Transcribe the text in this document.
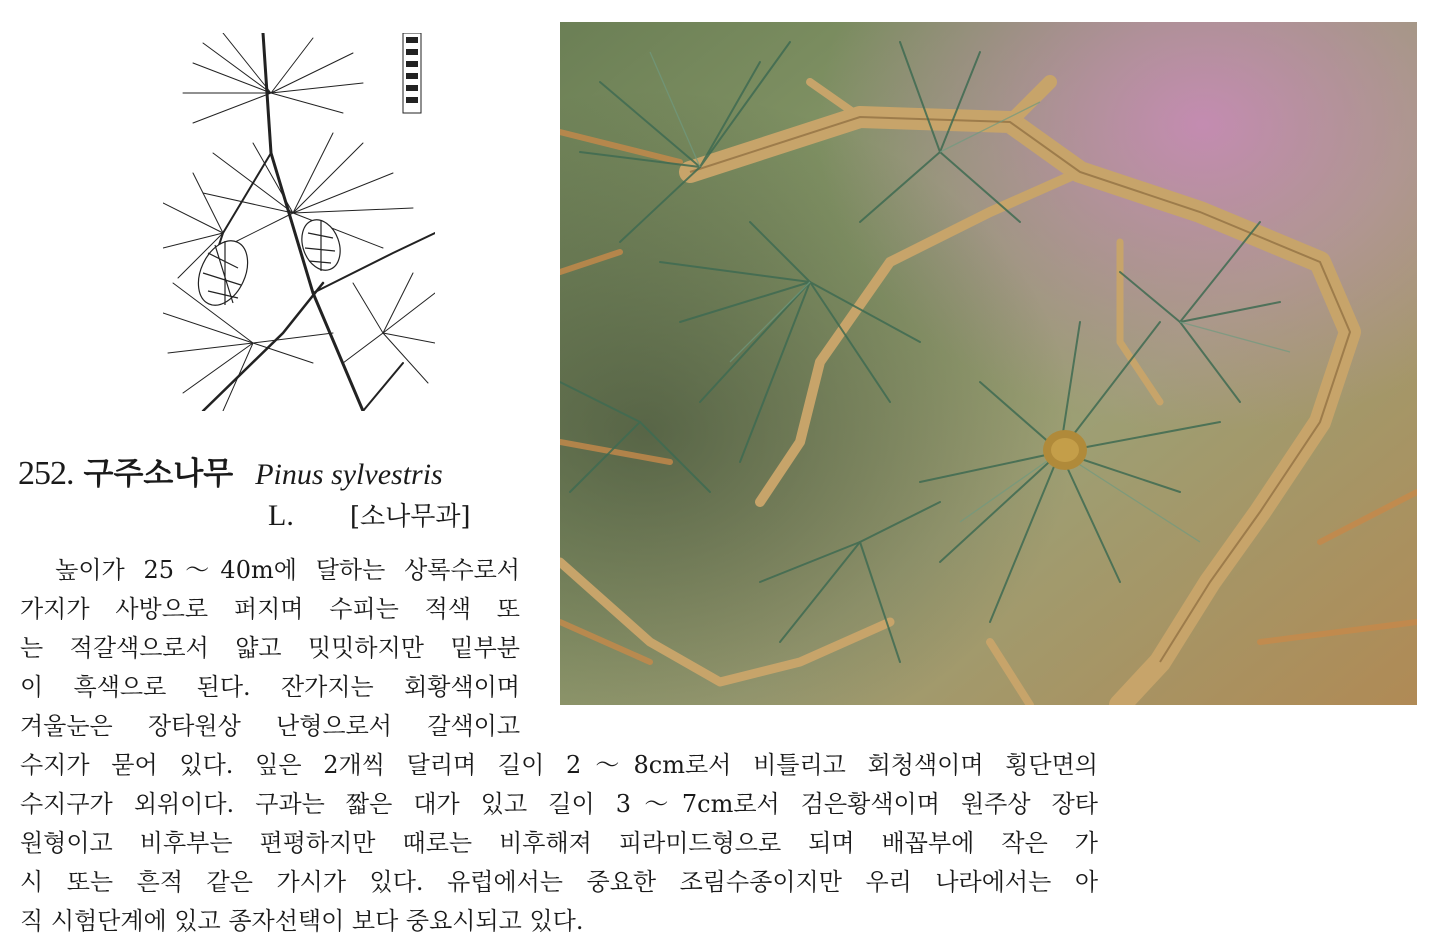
252. 구주소나무 Pinus sylvestris
L. [소나무과]
　높이가 25～40m에 달하는 상록수로서
가지가 사방으로 퍼지며 수피는 적색 또
는 적갈색으로서 얇고 밋밋하지만 밑부분
이 흑색으로 된다. 잔가지는 회황색이며
겨울눈은 장타원상 난형으로서 갈색이고
수지가 묻어 있다. 잎은 2개씩 달리며 길이 2～8cm로서 비틀리고 회청색이며 횡단면의
수지구가 외위이다. 구과는 짧은 대가 있고 길이 3～7cm로서 검은황색이며 원주상 장타
원형이고 비후부는 편평하지만 때로는 비후해져 피라미드형으로 되며 배꼽부에 작은 가
시 또는 흔적 같은 가시가 있다. 유럽에서는 중요한 조림수종이지만 우리 나라에서는 아
직 시험단계에 있고 종자선택이 보다 중요시되고 있다.
